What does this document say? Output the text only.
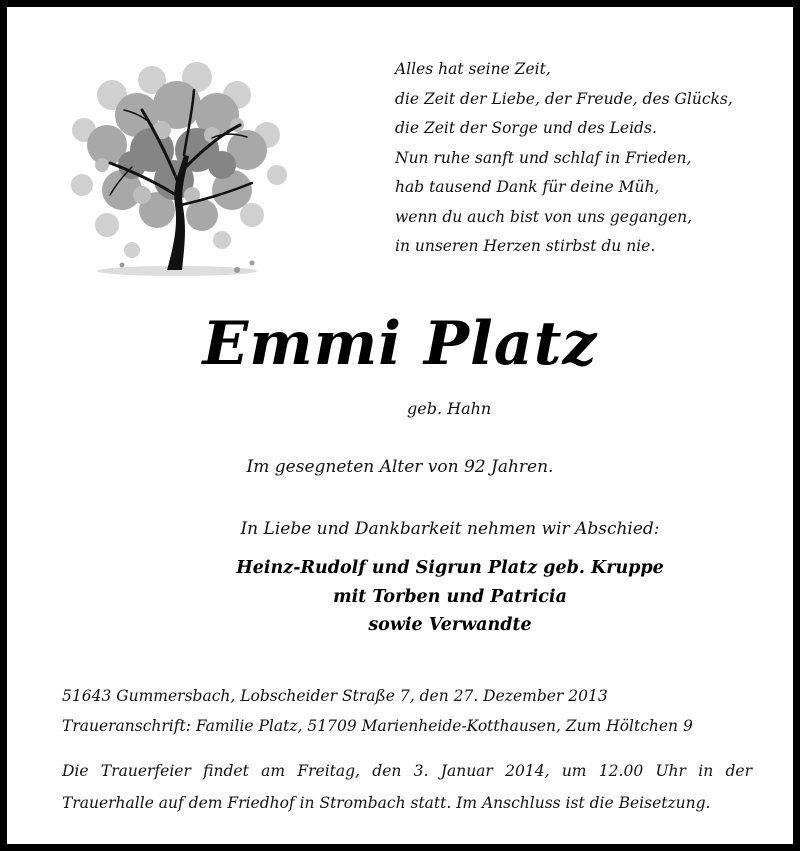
Alles hat seine Zeit,
die Zeit der Liebe, der Freude, des Glücks,
die Zeit der Sorge und des Leids.
Nun ruhe sanft und schlaf in Frieden,
hab tausend Dank für deine Müh,
wenn du auch bist von uns gegangen,
in unseren Herzen stirbst du nie.
Emmi Platz
geb. Hahn
Im gesegneten Alter von 92 Jahren.
In Liebe und Dankbarkeit nehmen wir Abschied:
Heinz-Rudolf und Sigrun Platz geb. Kruppe
mit Torben und Patricia
sowie Verwandte
51643 Gummersbach, Lobscheider Straße 7, den 27. Dezember 2013
Traueranschrift: Familie Platz, 51709 Marienheide-Kotthausen, Zum Höltchen 9
Die Trauerfeier findet am Freitag, den 3. Januar 2014, um 12.00 Uhr in der Trauerhalle auf dem Friedhof in Strombach statt. Im Anschluss ist die Beisetzung.
